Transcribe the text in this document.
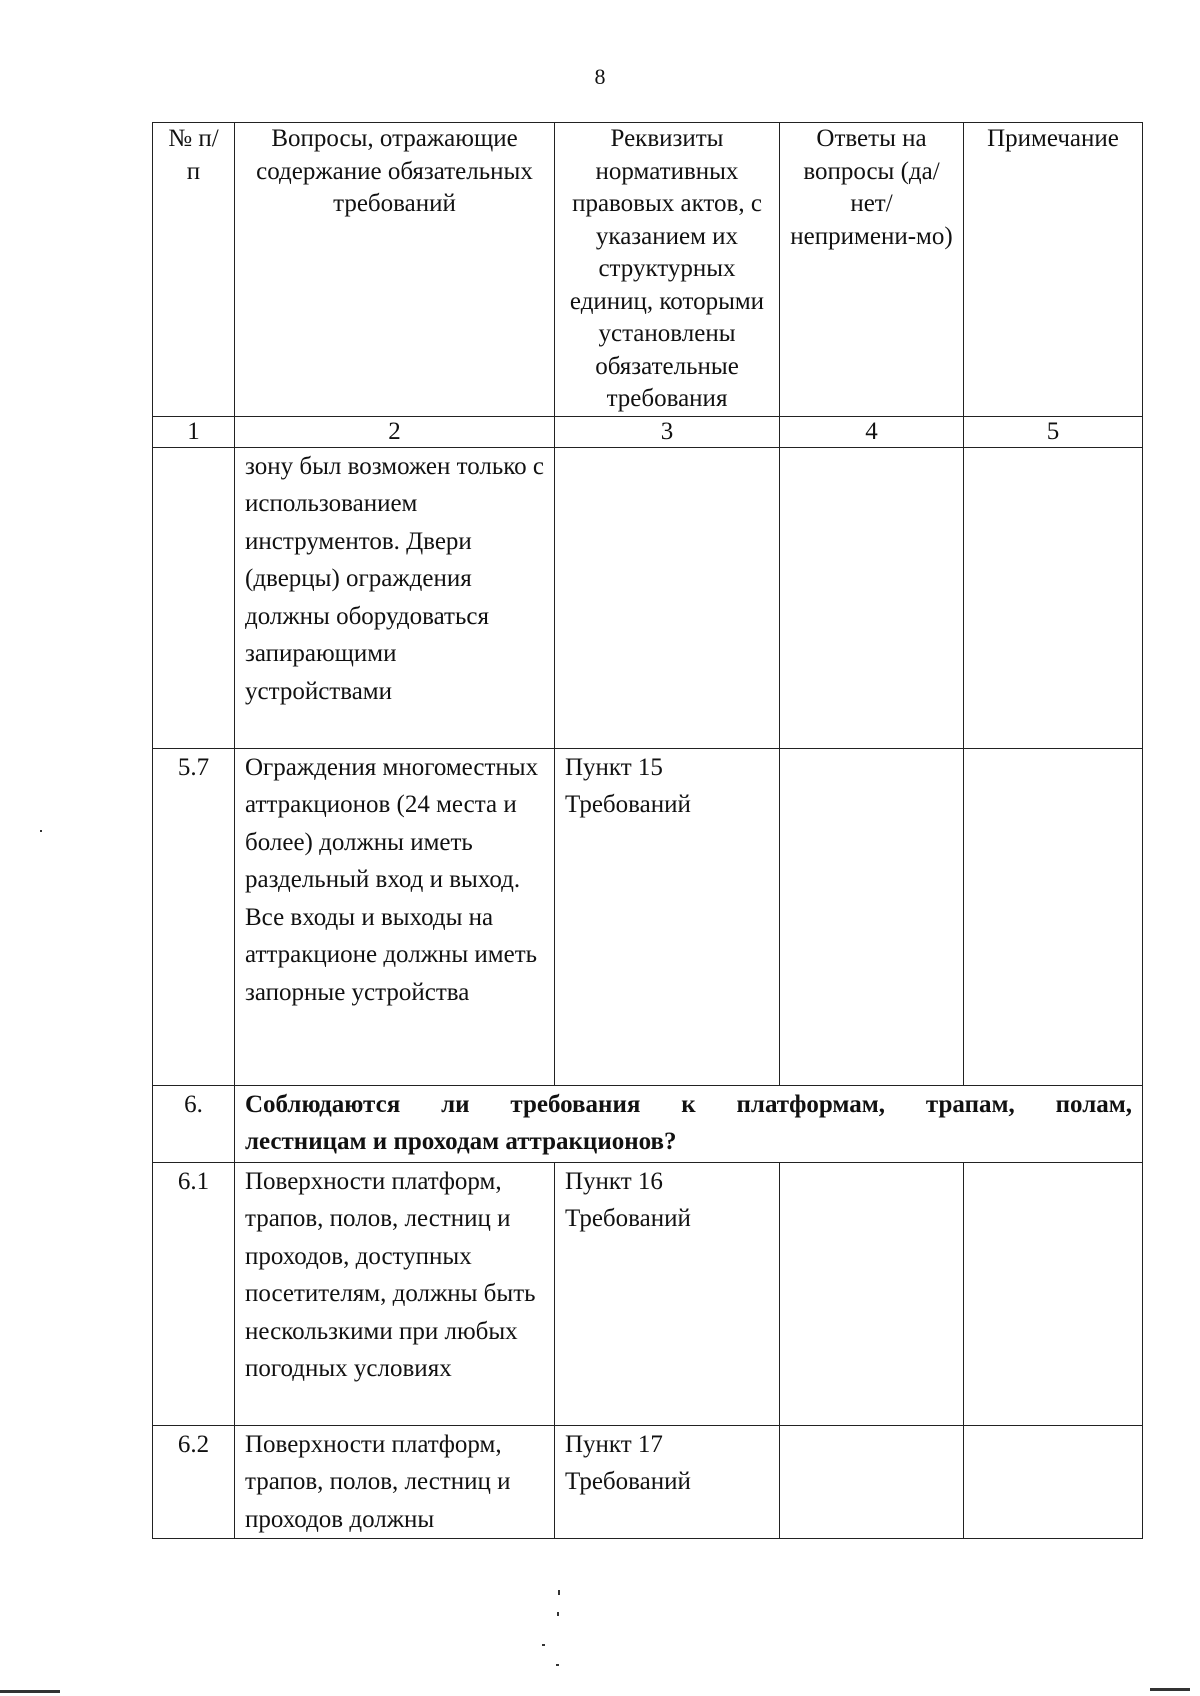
8
№ п/п	Вопросы, отражающие содержание обязательных требований	Реквизиты нормативных правовых актов, с указанием их структурных единиц, которыми установлены обязательные требования	Ответы на вопросы (да/нет/ непримени-мо)	Примечание
1	2	3	4	5
	зону был возможен только с использованием инструментов. Двери (дверцы) ограждения должны оборудоваться запирающими устройствами			
5.7	Ограждения многоместных аттракционов (24 места и более) должны иметь раздельный вход и выход. Все входы и выходы на аттракционе должны иметь запорные устройства	Пункт 15 Требований		
6.	Соблюдаются ли требования к платформам, трапам, полам,
лестницам и проходам аттракционов?			

6.1	Поверхности платформ, трапов, полов, лестниц и проходов, доступных посетителям, должны быть нескользкими при любых погодных условиях	Пункт 16 Требований		
6.2	Поверхности платформ, трапов, полов, лестниц и проходов должны	Пункт 17 Требований		
